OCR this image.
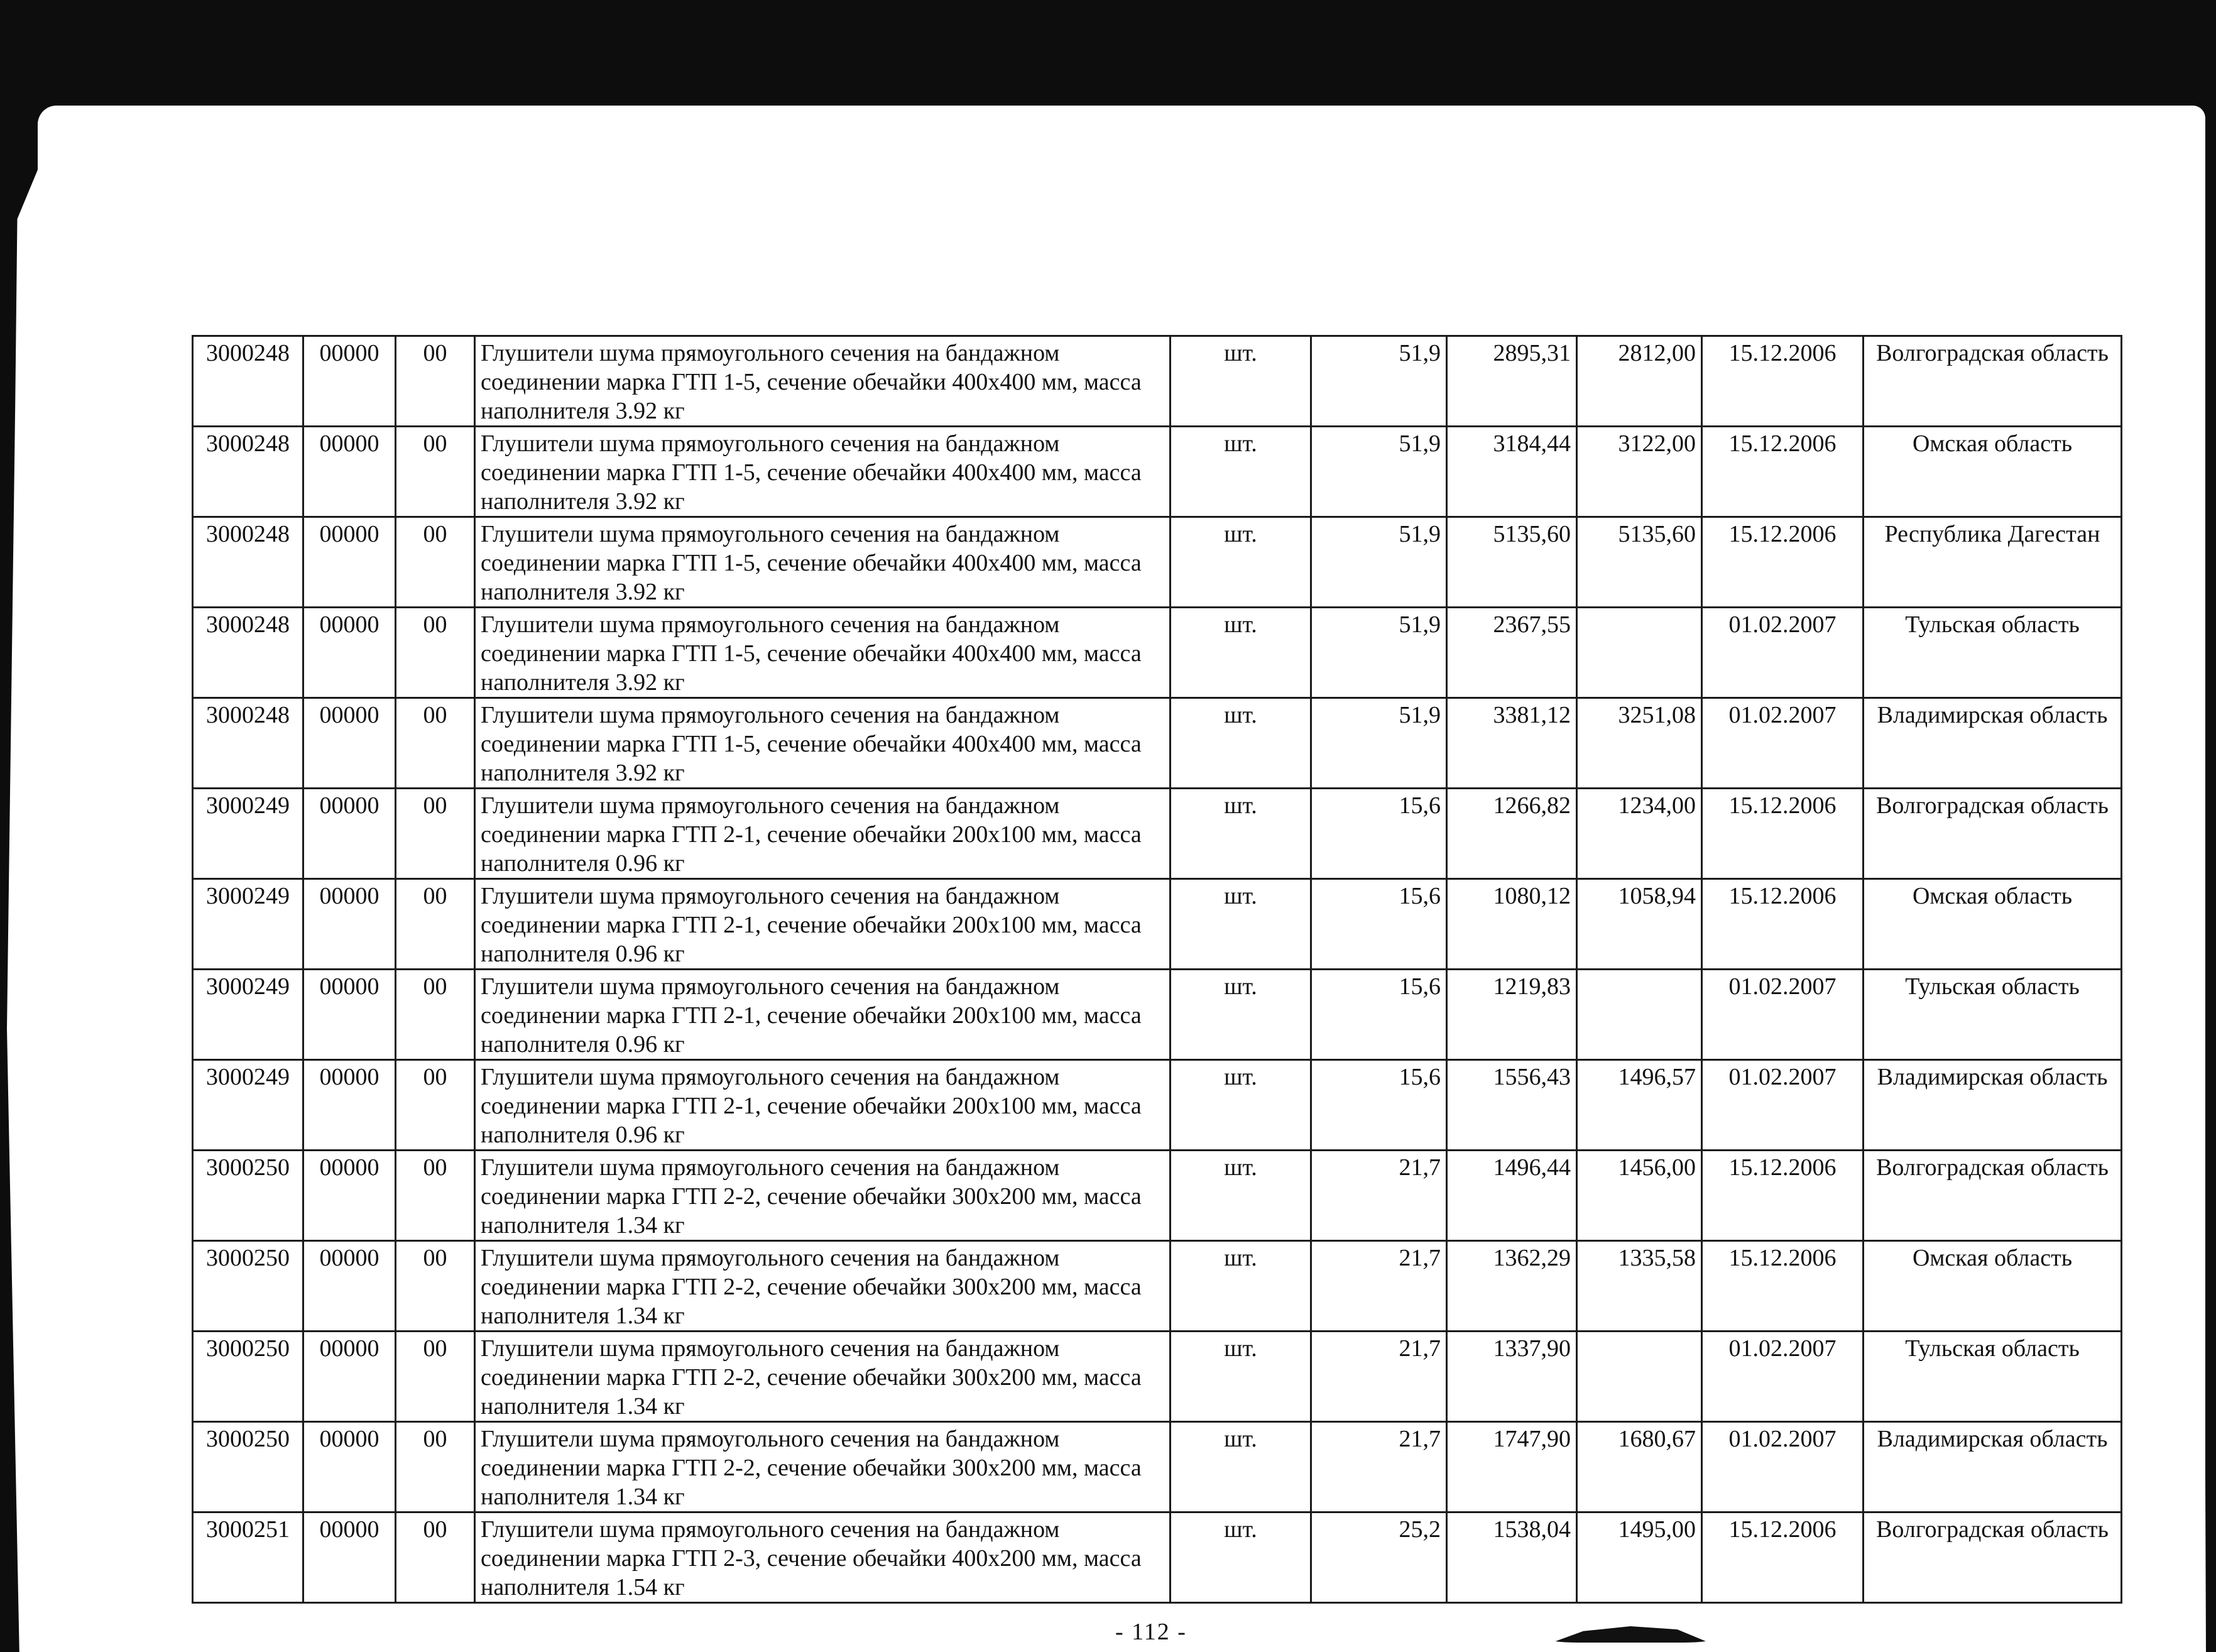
3000248	00000	00	Глушители шума прямоугольного сечения на бандажном соединении марка ГТП 1-5, сечение обечайки 400x400 мм, масса наполнителя 3.92 кг	шт.	51,9	2895,31	2812,00	15.12.2006	Волгоградская область
3000248	00000	00	Глушители шума прямоугольного сечения на бандажном соединении марка ГТП 1-5, сечение обечайки 400x400 мм, масса наполнителя 3.92 кг	шт.	51,9	3184,44	3122,00	15.12.2006	Омская область
3000248	00000	00	Глушители шума прямоугольного сечения на бандажном соединении марка ГТП 1-5, сечение обечайки 400x400 мм, масса наполнителя 3.92 кг	шт.	51,9	5135,60	5135,60	15.12.2006	Республика Дагестан
3000248	00000	00	Глушители шума прямоугольного сечения на бандажном соединении марка ГТП 1-5, сечение обечайки 400x400 мм, масса наполнителя 3.92 кг	шт.	51,9	2367,55		01.02.2007	Тульская область
3000248	00000	00	Глушители шума прямоугольного сечения на бандажном соединении марка ГТП 1-5, сечение обечайки 400x400 мм, масса наполнителя 3.92 кг	шт.	51,9	3381,12	3251,08	01.02.2007	Владимирская область
3000249	00000	00	Глушители шума прямоугольного сечения на бандажном соединении марка ГТП 2-1, сечение обечайки 200x100 мм, масса наполнителя 0.96 кг	шт.	15,6	1266,82	1234,00	15.12.2006	Волгоградская область
3000249	00000	00	Глушители шума прямоугольного сечения на бандажном соединении марка ГТП 2-1, сечение обечайки 200x100 мм, масса наполнителя 0.96 кг	шт.	15,6	1080,12	1058,94	15.12.2006	Омская область
3000249	00000	00	Глушители шума прямоугольного сечения на бандажном соединении марка ГТП 2-1, сечение обечайки 200x100 мм, масса наполнителя 0.96 кг	шт.	15,6	1219,83		01.02.2007	Тульская область
3000249	00000	00	Глушители шума прямоугольного сечения на бандажном соединении марка ГТП 2-1, сечение обечайки 200x100 мм, масса наполнителя 0.96 кг	шт.	15,6	1556,43	1496,57	01.02.2007	Владимирская область
3000250	00000	00	Глушители шума прямоугольного сечения на бандажном соединении марка ГТП 2-2, сечение обечайки 300x200 мм, масса наполнителя 1.34 кг	шт.	21,7	1496,44	1456,00	15.12.2006	Волгоградская область
3000250	00000	00	Глушители шума прямоугольного сечения на бандажном соединении марка ГТП 2-2, сечение обечайки 300x200 мм, масса наполнителя 1.34 кг	шт.	21,7	1362,29	1335,58	15.12.2006	Омская область
3000250	00000	00	Глушители шума прямоугольного сечения на бандажном соединении марка ГТП 2-2, сечение обечайки 300x200 мм, масса наполнителя 1.34 кг	шт.	21,7	1337,90		01.02.2007	Тульская область
3000250	00000	00	Глушители шума прямоугольного сечения на бандажном соединении марка ГТП 2-2, сечение обечайки 300x200 мм, масса наполнителя 1.34 кг	шт.	21,7	1747,90	1680,67	01.02.2007	Владимирская область
3000251	00000	00	Глушители шума прямоугольного сечения на бандажном соединении марка ГТП 2-3, сечение обечайки 400x200 мм, масса наполнителя 1.54 кг	шт.	25,2	1538,04	1495,00	15.12.2006	Волгоградская область
- 112 -
